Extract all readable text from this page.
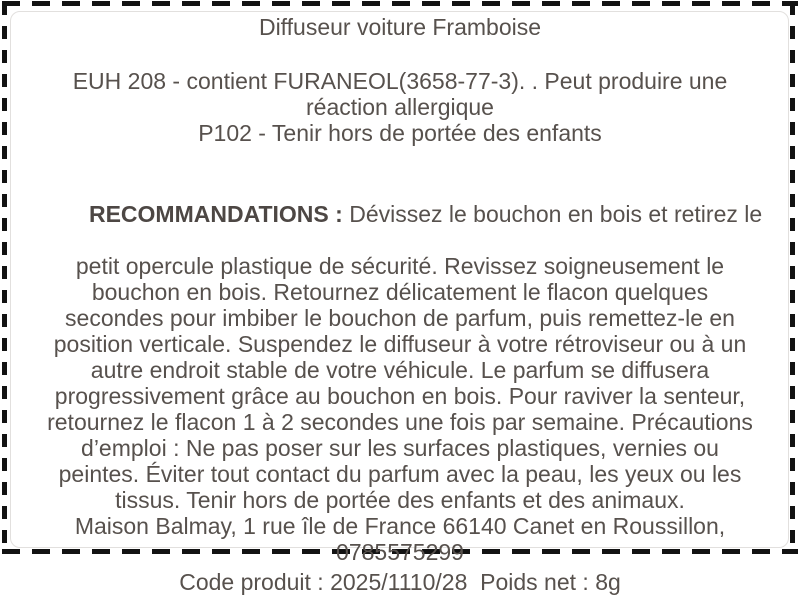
Diffuseur voiture Framboise
EUH 208 - contient FURANEOL(3658-77-3). . Peut produire une
réaction allergique
P102 - Tenir hors de portée des enfants

RECOMMANDATIONS : Dévissez le bouchon en bois et retirez le

petit opercule plastique de sécurité. Revissez soigneusement le
bouchon en bois. Retournez délicatement le flacon quelques
secondes pour imbiber le bouchon de parfum, puis remettez-le en
position verticale. Suspendez le diffuseur à votre rétroviseur ou à un
autre endroit stable de votre véhicule. Le parfum se diffusera
progressivement grâce au bouchon en bois. Pour raviver la senteur,
retournez le flacon 1 à 2 secondes une fois par semaine. Précautions
d’emploi : Ne pas poser sur les surfaces plastiques, vernies ou
peintes. Éviter tout contact du parfum avec la peau, les yeux ou les
tissus. Tenir hors de portée des enfants et des animaux.
Maison Balmay, 1 rue île de France 66140 Canet en Roussillon,
0785575299
Code produit : 2025/1110/28  Poids net : 8g
